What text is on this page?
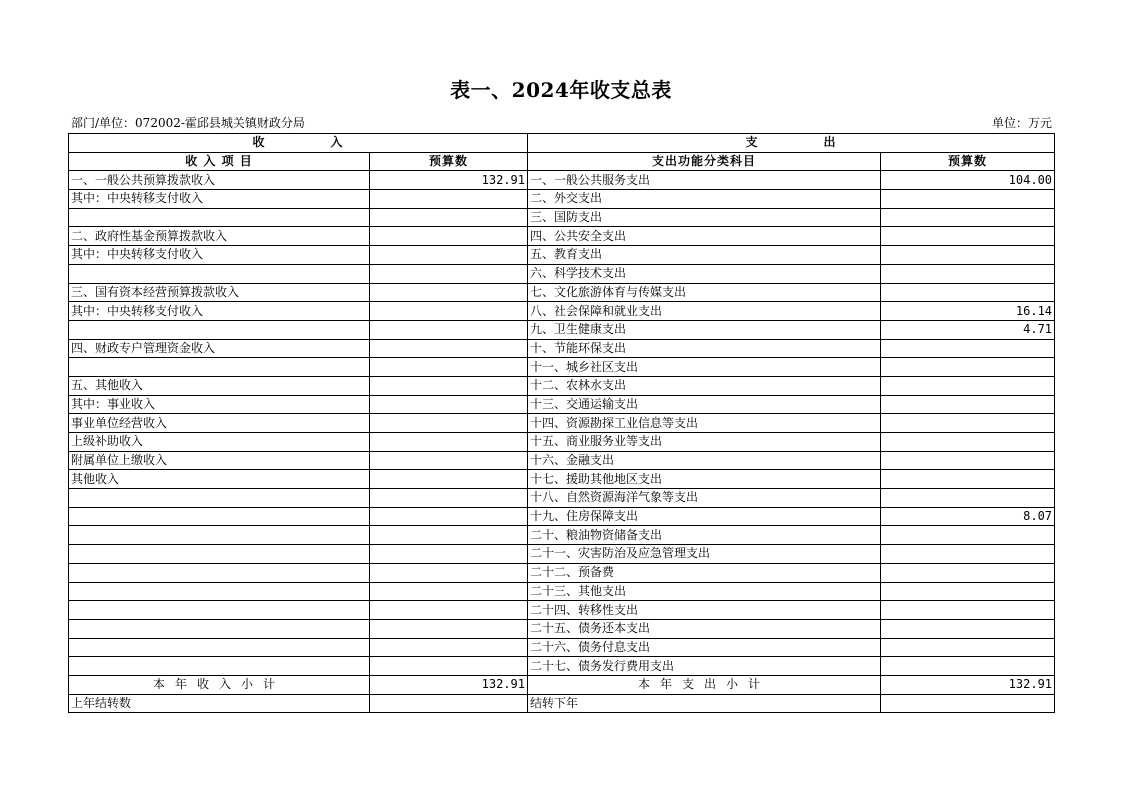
表一、2024年收支总表
部门/单位：072002-霍邱县城关镇财政分局	单位：万元
收　　　　　入		支　　　　　出	
收 入 项 目	预算数	支出功能分类科目	预算数
一、一般公共预算拨款收入	132.91	一、一般公共服务支出	104.00
其中：中央转移支付收入		二、外交支出	
		三、国防支出	
二、政府性基金预算拨款收入		四、公共安全支出	
其中：中央转移支付收入		五、教育支出	
		六、科学技术支出	
三、国有资本经营预算拨款收入		七、文化旅游体育与传媒支出	
其中：中央转移支付收入		八、社会保障和就业支出	16.14
		九、卫生健康支出	4.71
四、财政专户管理资金收入		十、节能环保支出	
		十一、城乡社区支出	
五、其他收入		十二、农林水支出	
其中：事业收入		十三、交通运输支出	
事业单位经营收入		十四、资源勘探工业信息等支出	
上级补助收入		十五、商业服务业等支出	
附属单位上缴收入		十六、金融支出	
其他收入		十七、援助其他地区支出	
		十八、自然资源海洋气象等支出	
		十九、住房保障支出	8.07
		二十、粮油物资储备支出	
		二十一、灾害防治及应急管理支出	
		二十二、预备费	
		二十三、其他支出	
		二十四、转移性支出	
		二十五、债务还本支出	
		二十六、债务付息支出	
		二十七、债务发行费用支出	
本年收入小计	132.91	本年支出小计	132.91
上年结转数		结转下年	
